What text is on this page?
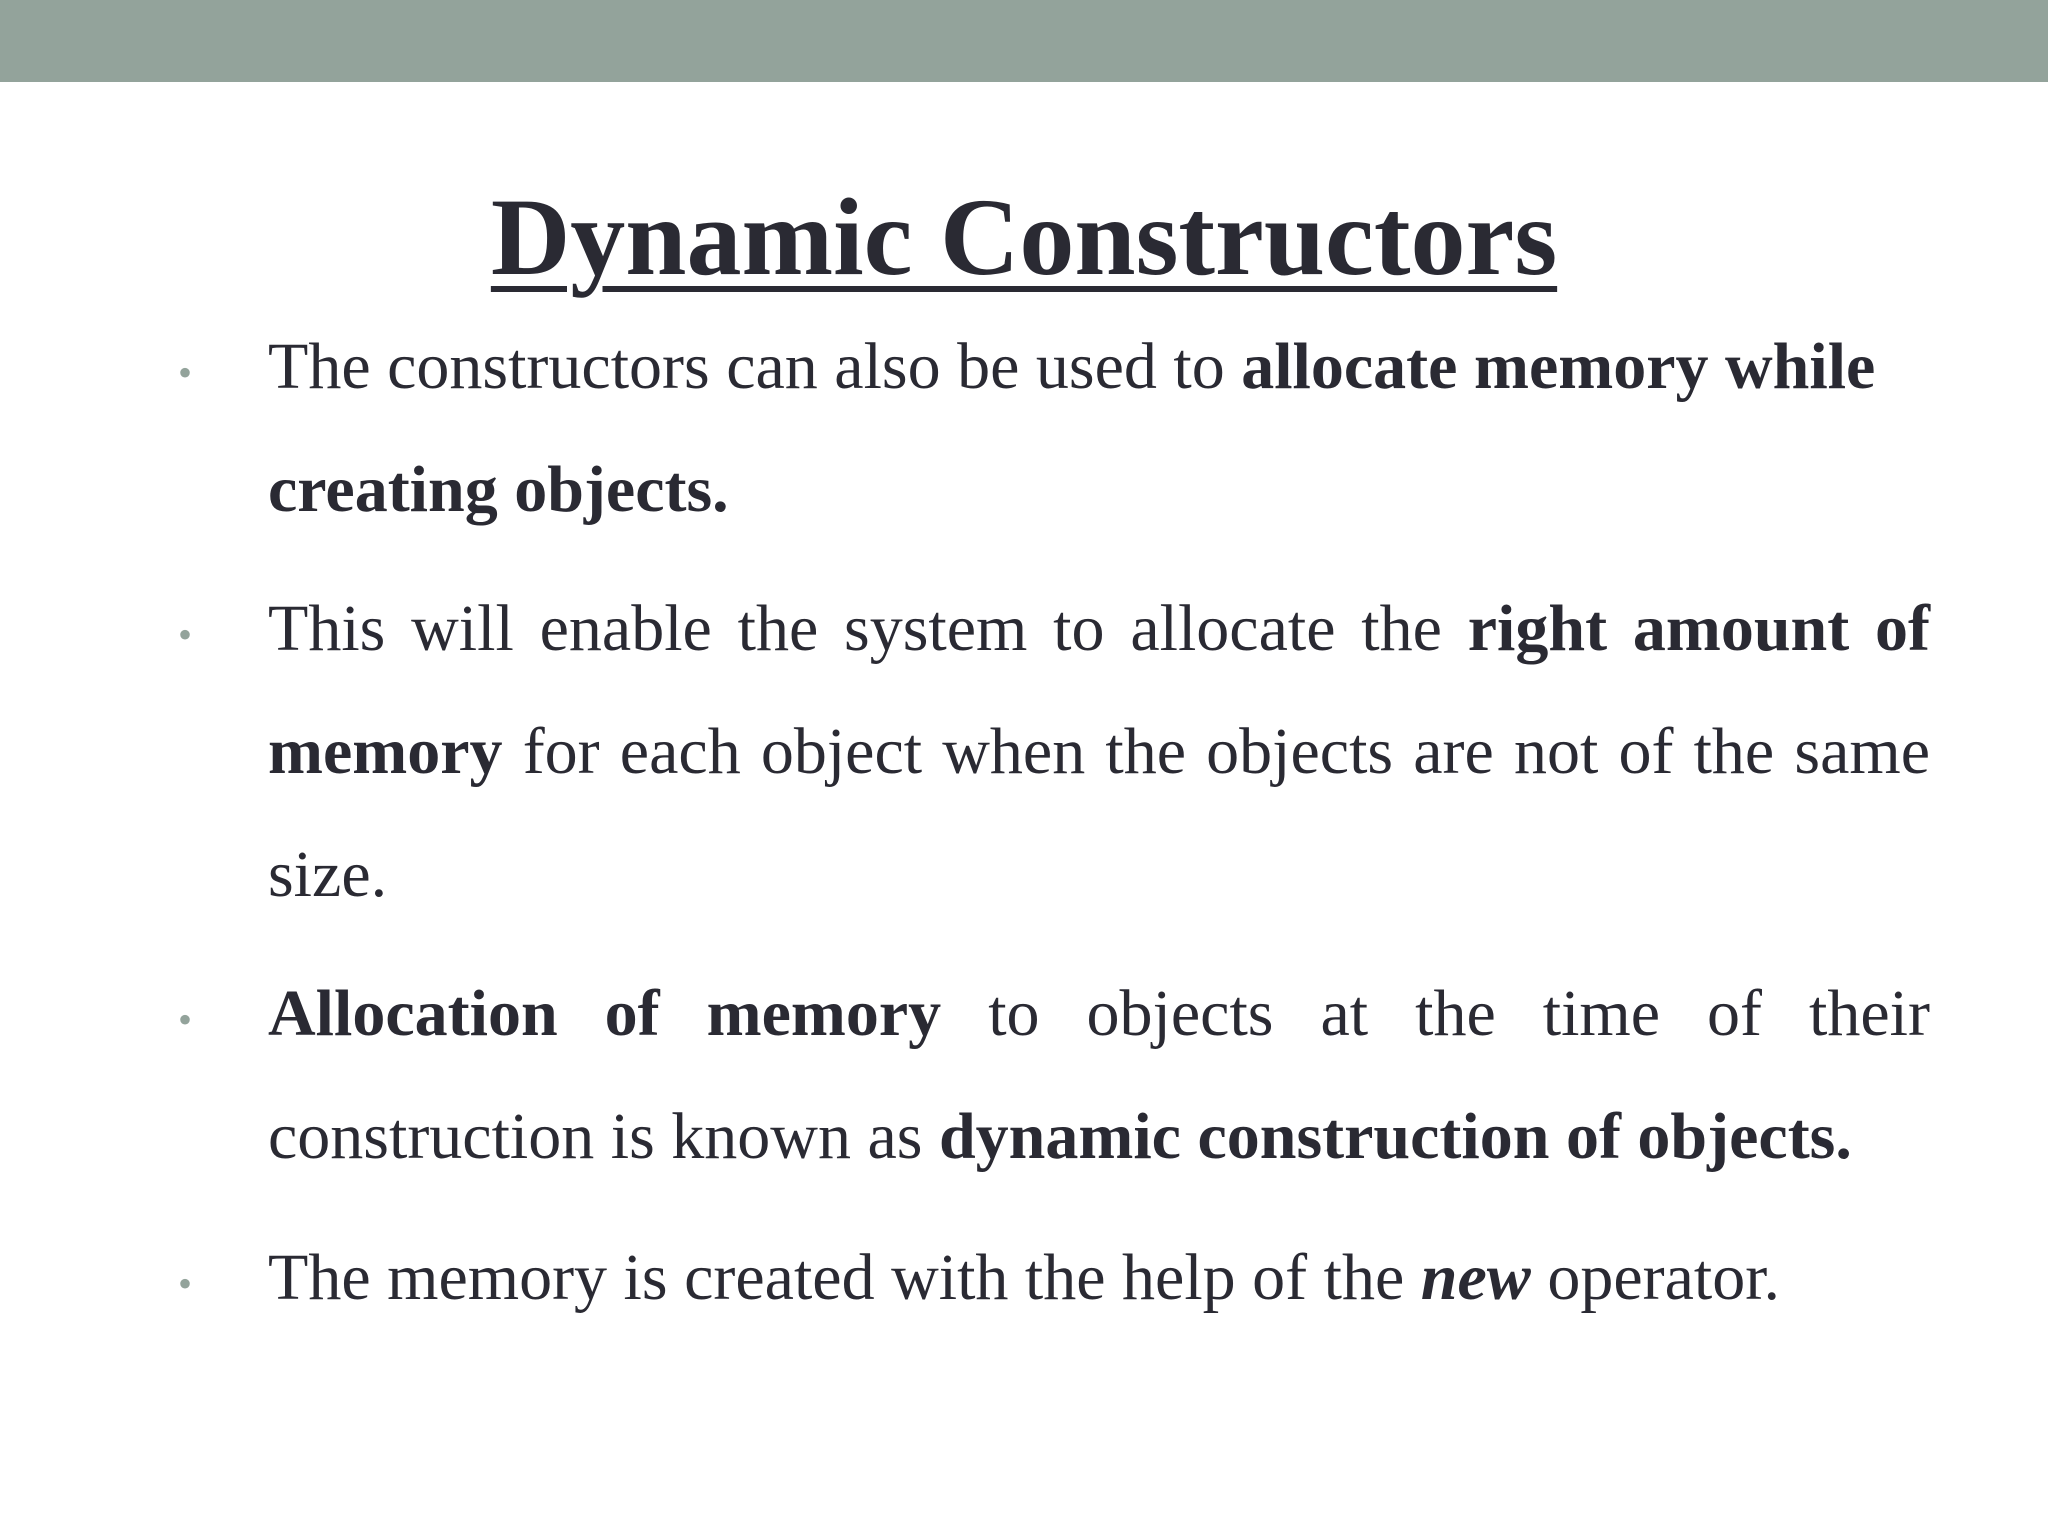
Dynamic Constructors
• The constructors can also be used to allocate memory while creating objects.

• This will enable the system to allocate the right amount of memory for each object when the objects are not of the same size.

• Allocation of memory to objects at the time of their construction is known as dynamic construction of objects.

• The memory is created with the help of the new operator.
